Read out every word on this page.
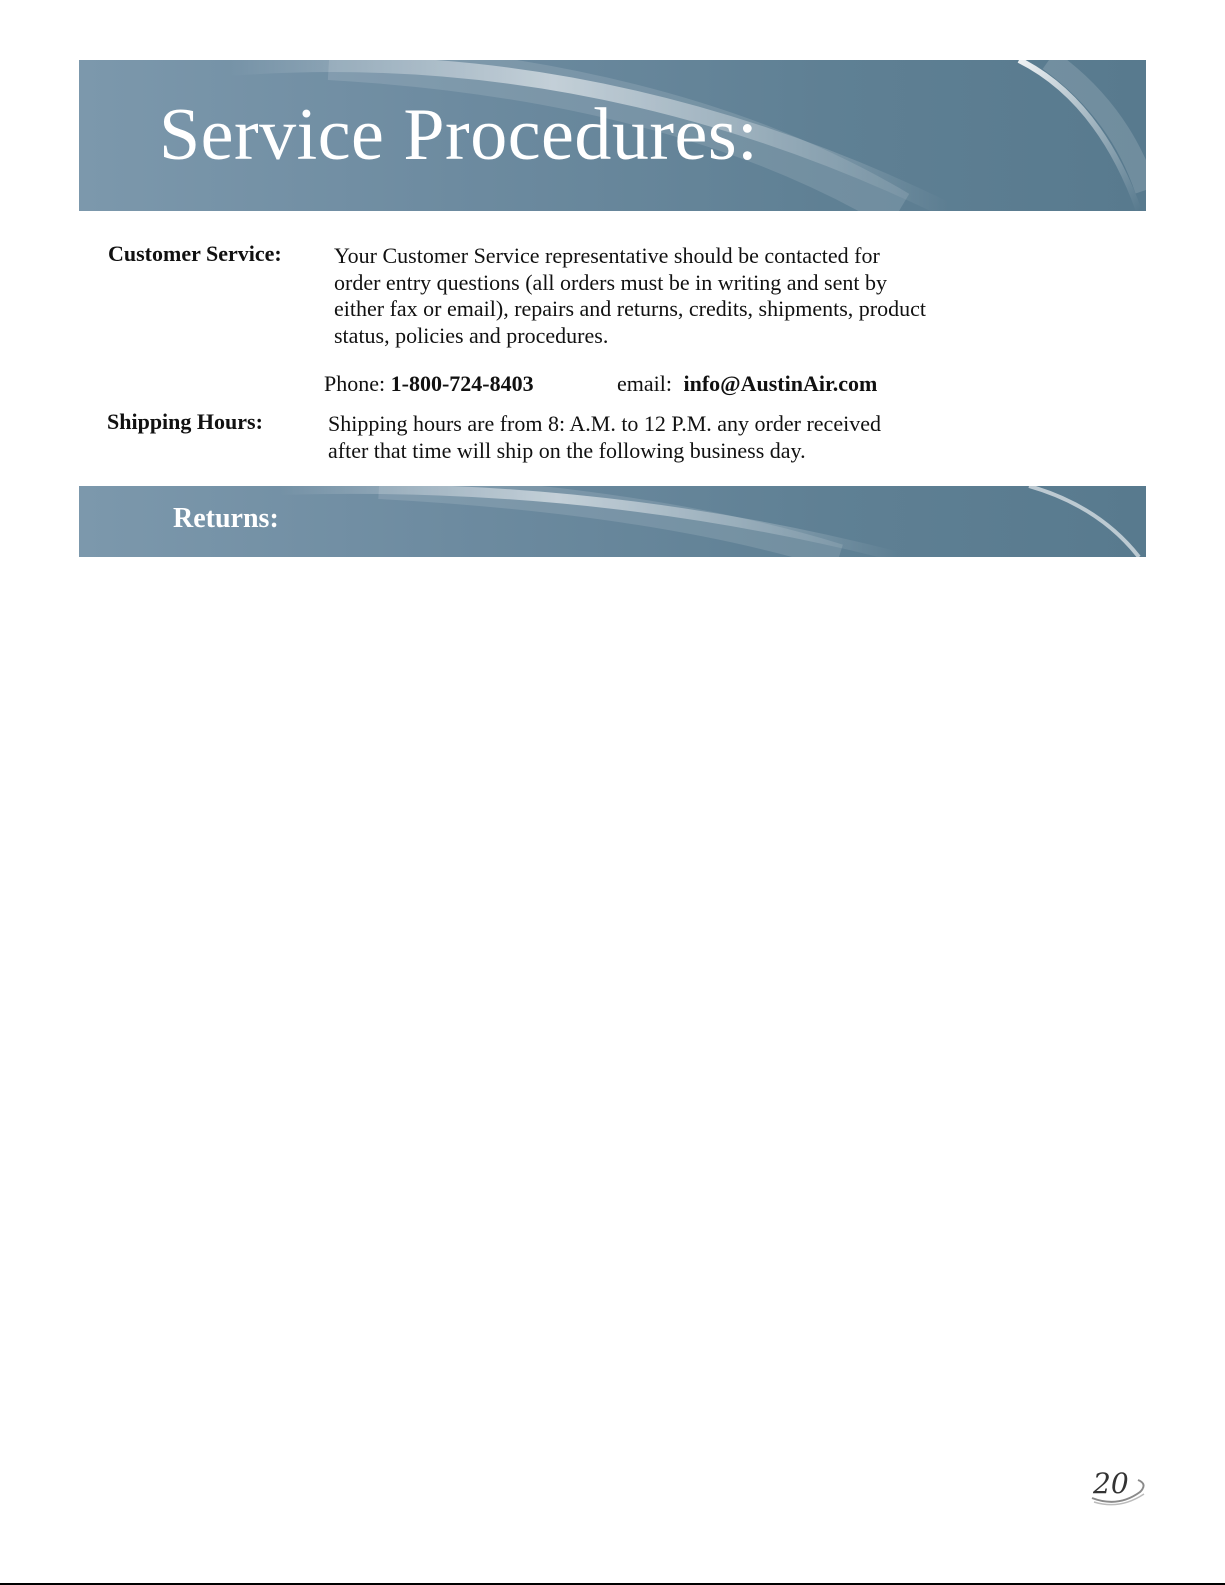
Service Procedures:
Customer Service: Your Customer Service representative should be contacted for
order entry questions (all orders must be in writing and sent by
either fax or email), repairs and returns, credits, shipments, product
status, policies and procedures.

Phone: 1-800-724-8403	email: info@AustinAir.com
Shipping Hours:	Shipping hours are from 8: A.M. to 12 P.M. any order received
after that time will ship on the following business day.

Returns:
20
